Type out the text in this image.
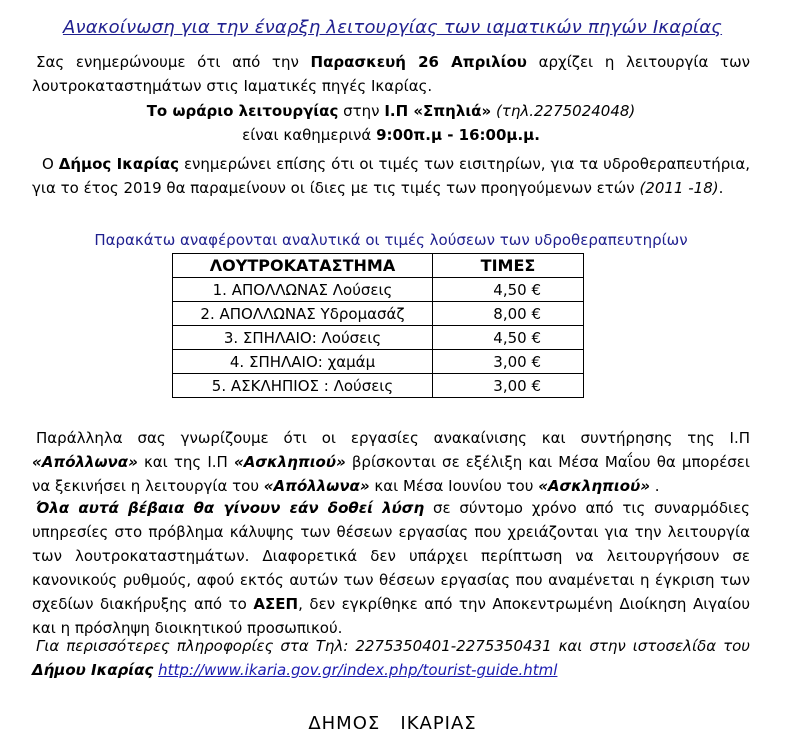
Ανακοίνωση για την έναρξη λειτουργίας των ιαματικών πηγών Ικαρίας

Σας ενημερώνουμε ότι από την Παρασκευή 26 Απριλίου αρχίζει η λειτουργία των λουτροκαταστημάτων στις Ιαματικές πηγές Ικαρίας.

Το ωράριο λειτουργίας στην Ι.Π «Σπηλιά» (τηλ.2275024048)

είναι καθημερινά 9:00π.μ - 16:00μ.μ.

Ο Δήμος Ικαρίας ενημερώνει επίσης ότι οι τιμές των εισιτηρίων, για τα υδροθεραπευτήρια, για το έτος 2019 θα παραμείνουν οι ίδιες με τις τιμές των προηγούμενων ετών (2011 -18).

Παρακάτω αναφέρονται αναλυτικά οι τιμές λούσεων των υδροθεραπευτηρίων
ΛΟΥΤΡΟΚΑΤΑΣΤΗΜΑ	ΤΙΜΕΣ
1. ΑΠΟΛΛΩΝΑΣ Λούσεις	4,50 €
2. ΑΠΟΛΛΩΝΑΣ Υδρομασάζ	8,00 €
3. ΣΠΗΛΑΙΟ: Λούσεις	4,50 €
4. ΣΠΗΛΑΙΟ: χαμάμ	3,00 €
5. ΑΣΚΛΗΠΙΟΣ : Λούσεις	3,00 €

Παράλληλα σας γνωρίζουμε ότι οι εργασίες ανακαίνισης και συντήρησης της Ι.Π «Απόλλωνα» και της Ι.Π «Ασκληπιού» βρίσκονται σε εξέλιξη και Μέσα Μαΐου θα μπορέσει να ξεκινήσει η λειτουργία του «Απόλλωνα» και Μέσα Ιουνίου του «Ασκληπιού» .

Όλα αυτά βέβαια θα γίνουν εάν δοθεί λύση σε σύντομο χρόνο από τις συναρμόδιες υπηρεσίες στο πρόβλημα κάλυψης των θέσεων εργασίας που χρειάζονται για την λειτουργία των λουτροκαταστημάτων. Διαφορετικά δεν υπάρχει περίπτωση να λειτουργήσουν σε κανονικούς ρυθμούς, αφού εκτός αυτών των θέσεων εργασίας που αναμένεται η έγκριση των σχεδίων διακήρυξης από το ΑΣΕΠ, δεν εγκρίθηκε από την Αποκεντρωμένη Διοίκηση Αιγαίου και η πρόσληψη διοικητικού προσωπικού.

Για περισσότερες πληροφορίες στα Τηλ: 2275350401-2275350431 και στην ιστοσελίδα του Δήμου Ικαρίας http://www.ikaria.gov.gr/index.php/tourist-guide.html

ΔΗΜΟΣ   ΙΚΑΡΙΑΣ
